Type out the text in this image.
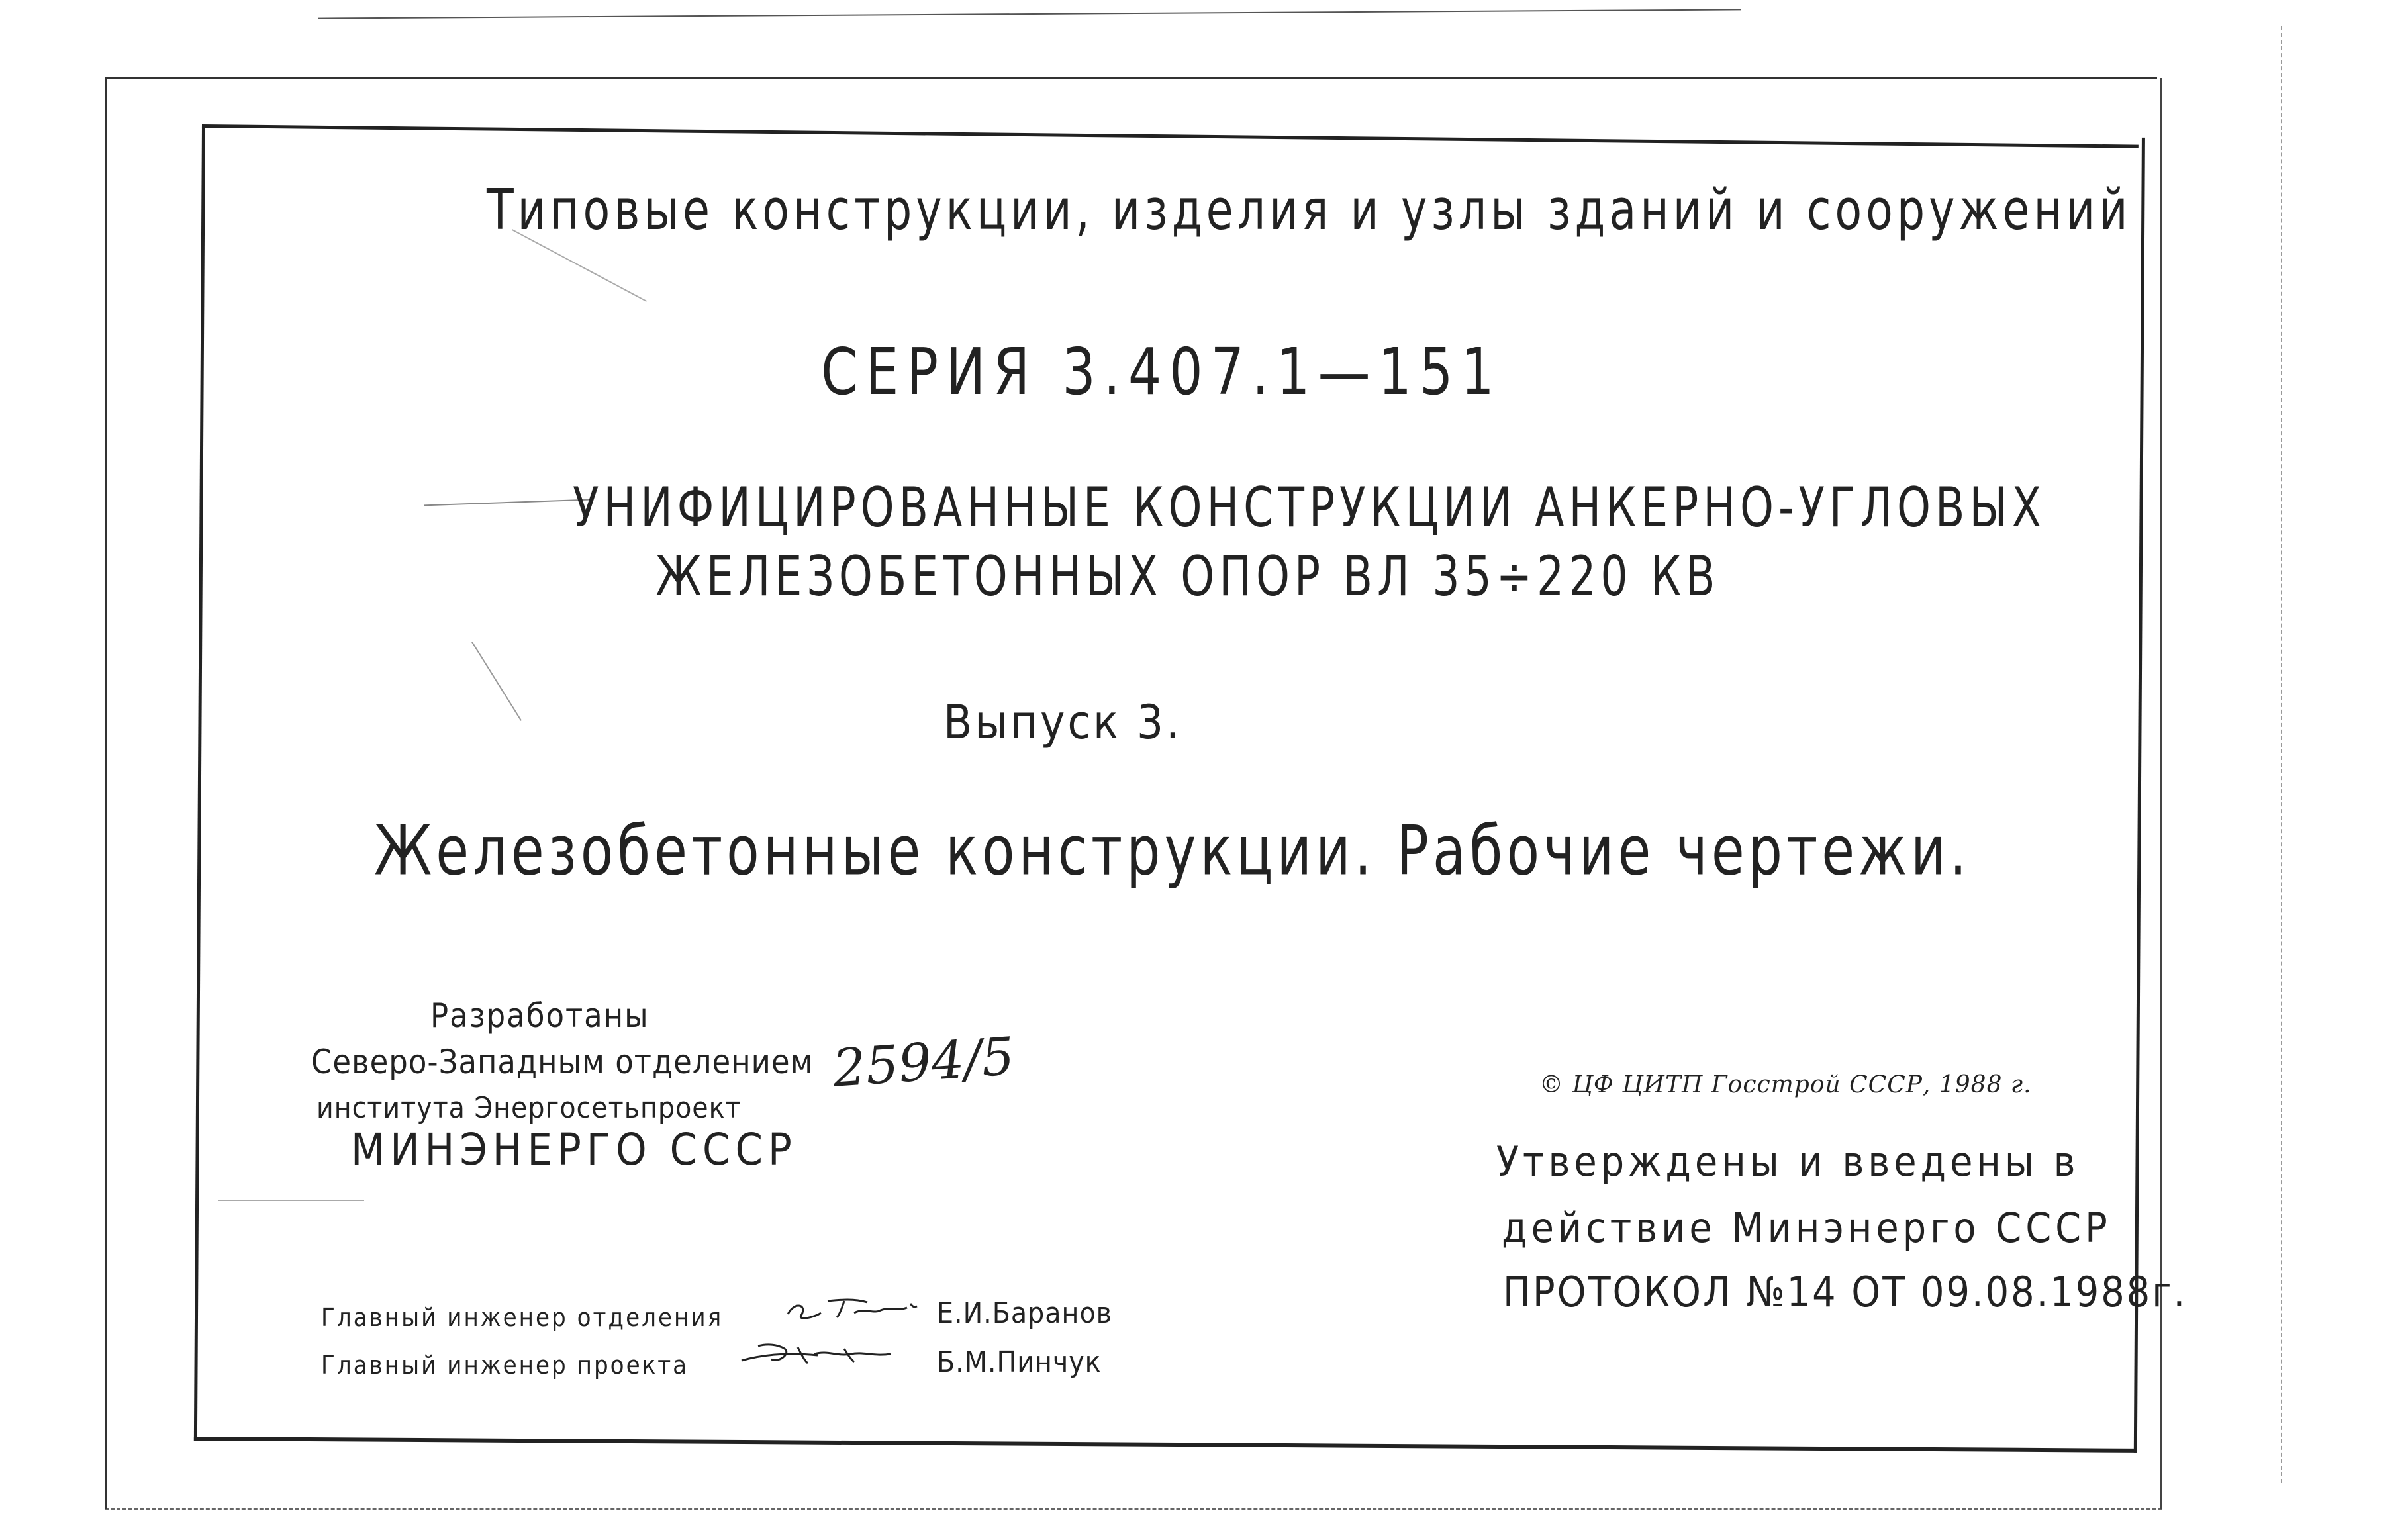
Типовые конструкции, изделия и узлы зданий и сооружений
СЕРИЯ 3.407.1—151
УНИФИЦИРОВАННЫЕ КОНСТРУКЦИИ АНКЕРНО-УГЛОВЫХ
ЖЕЛЕЗОБЕТОННЫХ ОПОР ВЛ 35÷220 КВ
Выпуск 3.
Железобетонные конструкции. Рабочие чертежи.
Разработаны
Северо-Западным отделением
института Энергосетьпроект
МИНЭНЕРГО СССР
2594/5	© ЦФ ЦИТП Госстрой СССР, 1988 г.
Утверждены и введены в
действие Минэнерго СССР
ПРОТОКОЛ №14 ОТ 09.08.1988г.
Главный инженер отделения	Е.И.Баранов
Главный инженер проекта	Б.М.Пинчук
